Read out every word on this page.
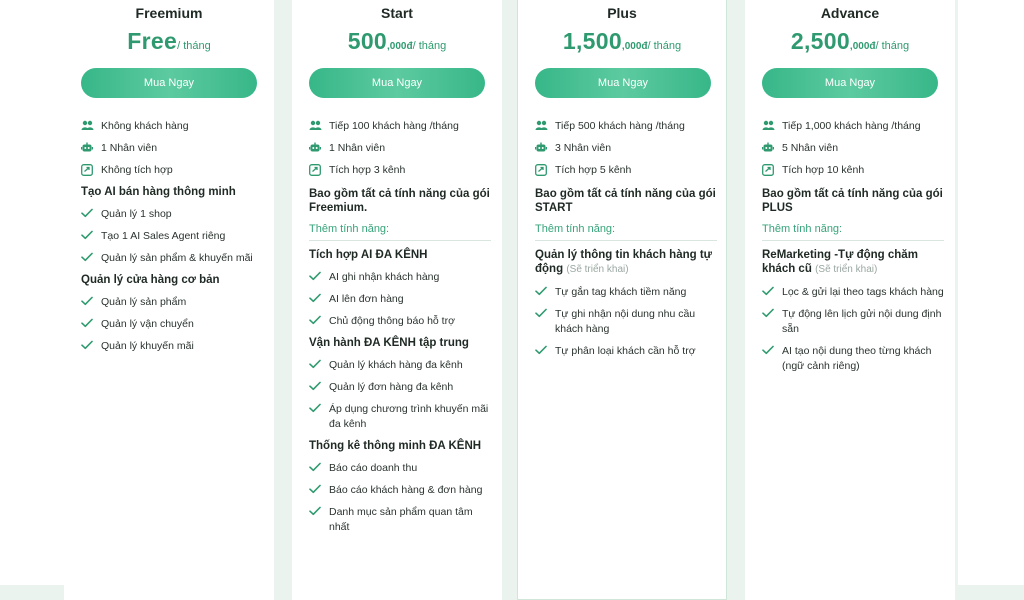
Freemium
Free/ tháng
Mua Ngay
Không khách hàng
1 Nhân viên
Không tích hợp
Tạo AI bán hàng thông minh
Quản lý 1 shop
Tạo 1 AI Sales Agent riêng
Quản lý sản phẩm & khuyến mãi
Quản lý cửa hàng cơ bản
Quản lý sản phẩm
Quản lý vận chuyển
Quản lý khuyến mãi
Start
500,000đ/ tháng
Mua Ngay
Tiếp 100 khách hàng /tháng
1 Nhân viên
Tích hợp 3 kênh
Bao gồm tất cả tính năng của gói Freemium.
Thêm tính năng:
Tích hợp AI ĐA KÊNH
AI ghi nhận khách hàng
AI lên đơn hàng
Chủ động thông báo hỗ trợ
Vận hành ĐA KÊNH tập trung
Quản lý khách hàng đa kênh
Quản lý đơn hàng đa kênh
Áp dụng chương trình khuyến mãi đa kênh
Thống kê thông minh ĐA KÊNH
Báo cáo doanh thu
Báo cáo khách hàng & đơn hàng
Danh mục sản phẩm quan tâm nhất
Plus
1,500,000đ/ tháng
Mua Ngay
Tiếp 500 khách hàng /tháng
3 Nhân viên
Tích hợp 5 kênh
Bao gồm tất cả tính năng của gói START
Thêm tính năng:
Quản lý thông tin khách hàng tự động (Sẽ triển khai)
Tự gắn tag khách tiềm năng
Tự ghi nhận nội dung nhu cầu khách hàng
Tự phân loại khách cần hỗ trợ
Advance
2,500,000đ/ tháng
Mua Ngay
Tiếp 1,000 khách hàng /tháng
5 Nhân viên
Tích hợp 10 kênh
Bao gồm tất cả tính năng của gói PLUS
Thêm tính năng:
ReMarketing -Tự động chăm khách cũ (Sẽ triển khai)
Lọc & gửi lại theo tags khách hàng
Tự động lên lịch gửi nội dung định sẵn
AI tạo nội dung theo từng khách (ngữ cảnh riêng)
